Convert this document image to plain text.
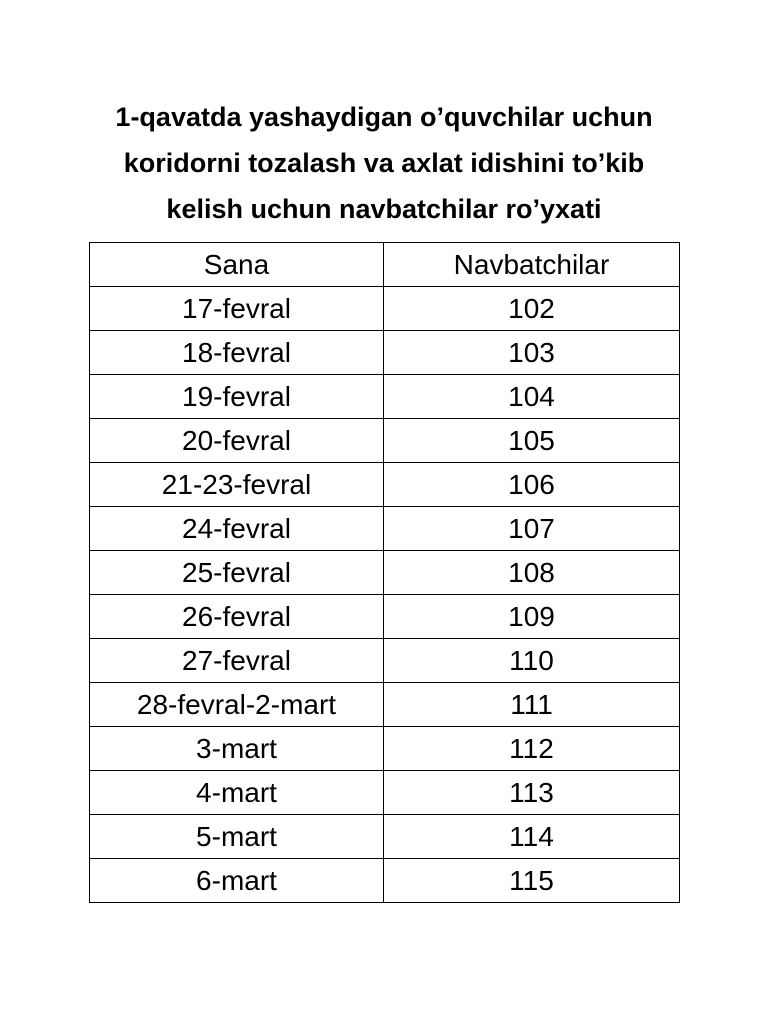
1-qavatda yashaydigan o’quvchilar uchun
koridorni tozalash va axlat idishini to’kib
kelish uchun navbatchilar ro’yxati
Sana	Navbatchilar
17-fevral	102
18-fevral	103
19-fevral	104
20-fevral	105
21-23-fevral	106
24-fevral	107
25-fevral	108
26-fevral	109
27-fevral	110
28-fevral-2-mart	111
3-mart	112
4-mart	113
5-mart	114
6-mart	115
